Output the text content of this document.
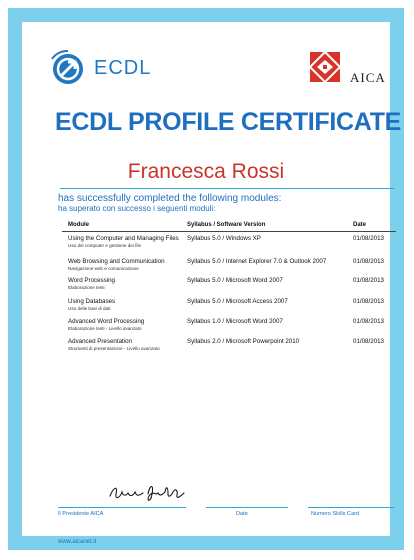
ECDL	AICA
ECDL PROFILE CERTIFICATE
Francesca Rossi
has successfully completed the following modules:
ha superato con successo i seguenti moduli:
Module	Syllabus / Software Version	Date
Using the Computer and Managing Files
Uso del computer e gestione dei file
Syllabus 5.0 / Windows XP	01/08/2013
Web Browsing and Communication
Navigazione web e comunicazione
Syllabus 5.0 / Internet Explorer 7.0 & Outlook 2007	01/08/2013
Word Processing
Elaborazione testi
Syllabus 5.0 / Microsoft Word 2007	01/08/2013
Using Databases
Uso delle basi di dati
Syllabus 5.0 / Microsoft Access 2007	01/08/2013
Advanced Word Processing
Elaborazione testi - Livello avanzato
Syllabus 1.0 / Microsoft Word 2007	01/08/2013
Advanced Presentation
Strumenti di presentazione - Livello avanzato
Syllabus 2.0 / Microsoft Powerpoint 2010	01/08/2013
Il Presidente AICA	Date	Numero Skills Card
www.aicanet.it
